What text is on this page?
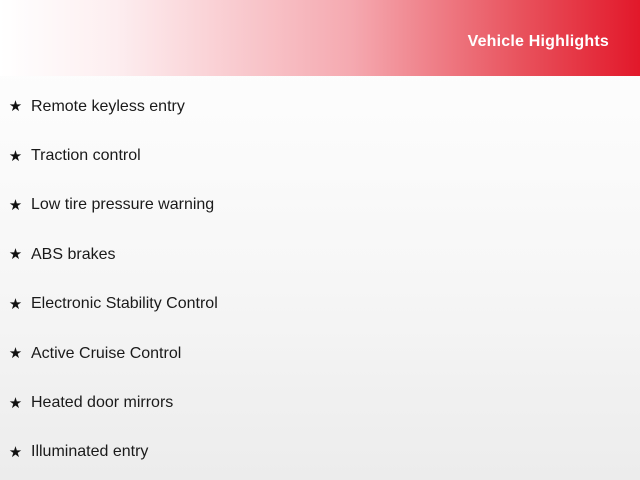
Vehicle Highlights
★ Remote keyless entry
★ Traction control
★ Low tire pressure warning
★ ABS brakes
★ Electronic Stability Control
★ Active Cruise Control
★ Heated door mirrors
★ Illuminated entry
